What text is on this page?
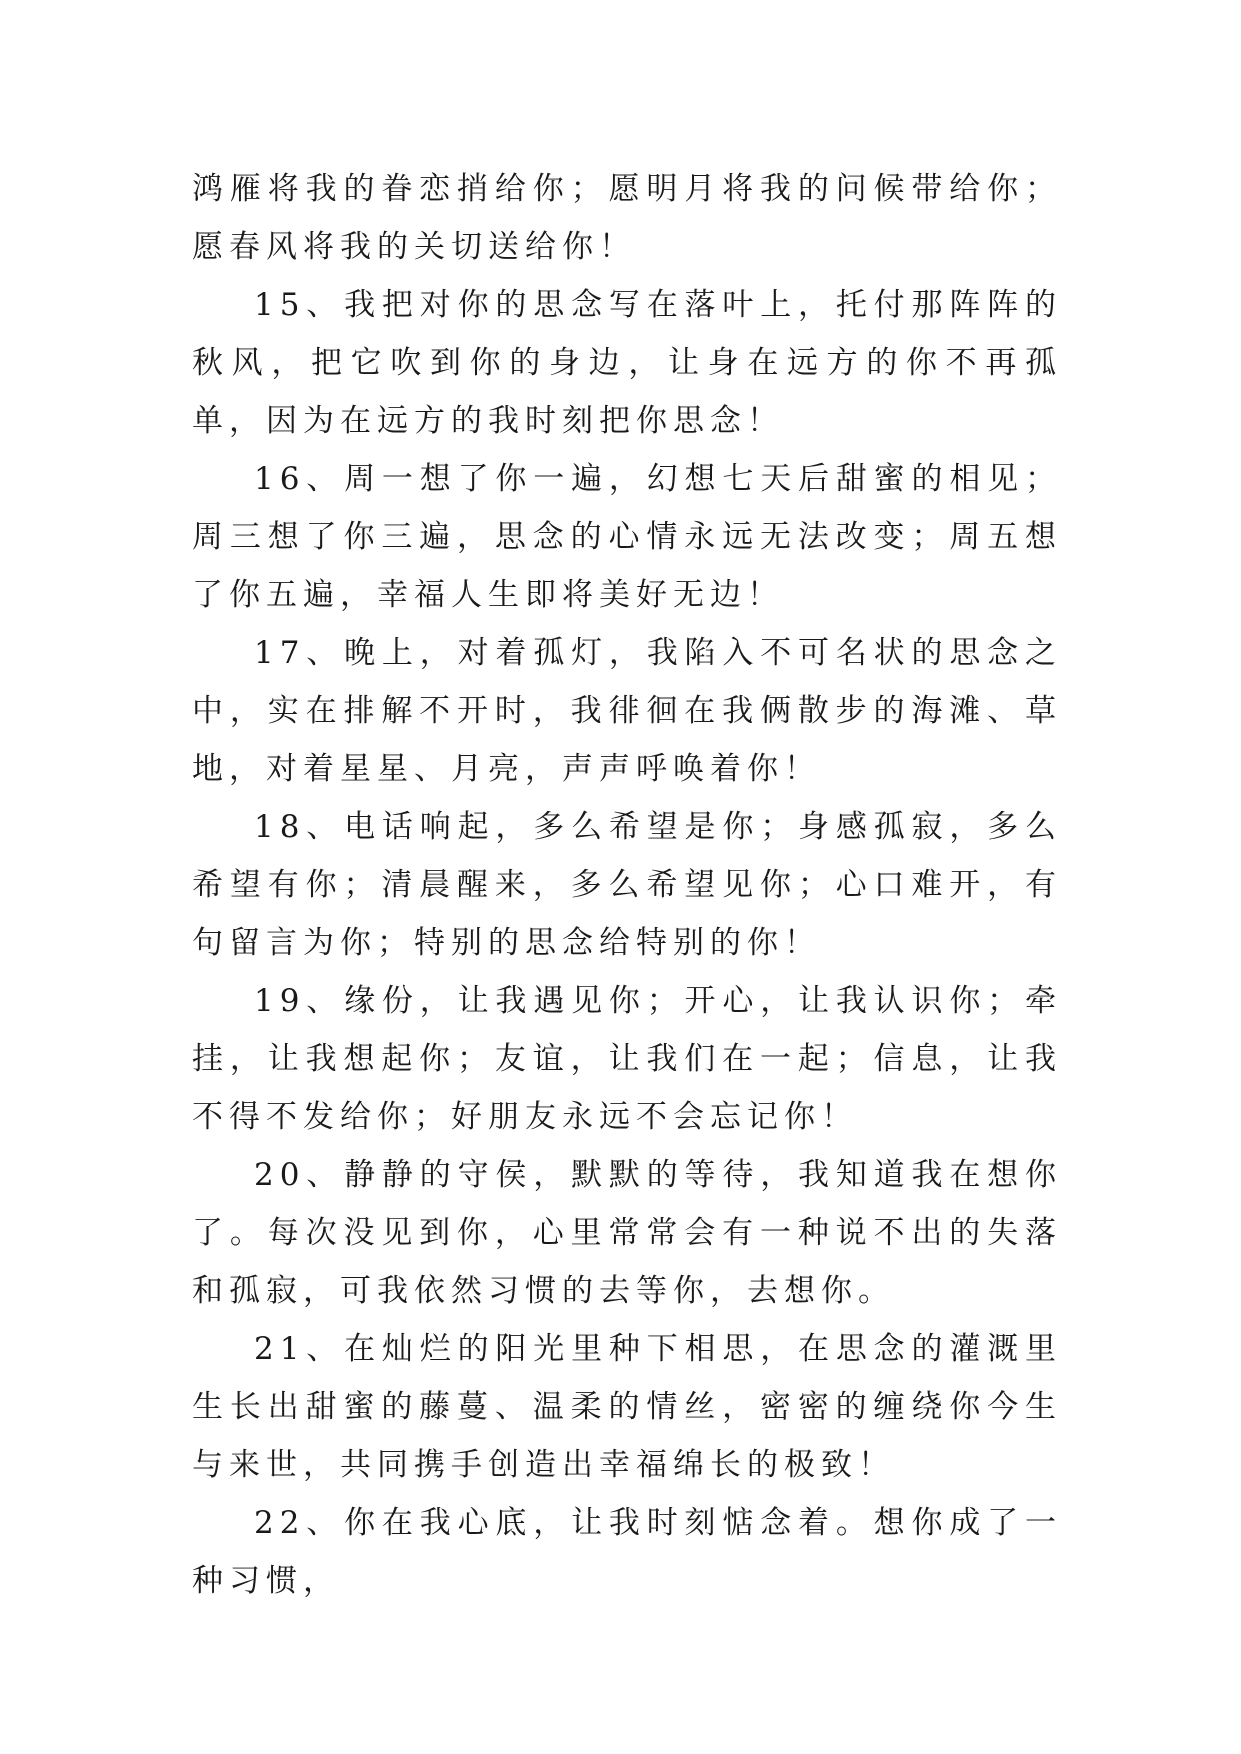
鸿雁将我的眷恋捎给你；愿明月将我的问候带给你；愿春风将我的关切送给你！

15、我把对你的思念写在落叶上，托付那阵阵的秋风，把它吹到你的身边，让身在远方的你不再孤单，因为在远方的我时刻把你思念！

16、周一想了你一遍，幻想七天后甜蜜的相见；周三想了你三遍，思念的心情永远无法改变；周五想了你五遍，幸福人生即将美好无边！

17、晚上，对着孤灯，我陷入不可名状的思念之中，实在排解不开时，我徘徊在我俩散步的海滩、草地，对着星星、月亮，声声呼唤着你！

18、电话响起，多么希望是你；身感孤寂，多么希望有你；清晨醒来，多么希望见你；心口难开，有句留言为你；特别的思念给特别的你！

19、缘份，让我遇见你；开心，让我认识你；牵挂，让我想起你；友谊，让我们在一起；信息，让我不得不发给你；好朋友永远不会忘记你！

20、静静的守侯，默默的等待，我知道我在想你了。每次没见到你，心里常常会有一种说不出的失落和孤寂，可我依然习惯的去等你，去想你。

21、在灿烂的阳光里种下相思，在思念的灌溉里生长出甜蜜的藤蔓、温柔的情丝，密密的缠绕你今生与来世，共同携手创造出幸福绵长的极致！

22、你在我心底，让我时刻惦念着。想你成了一种习惯，
